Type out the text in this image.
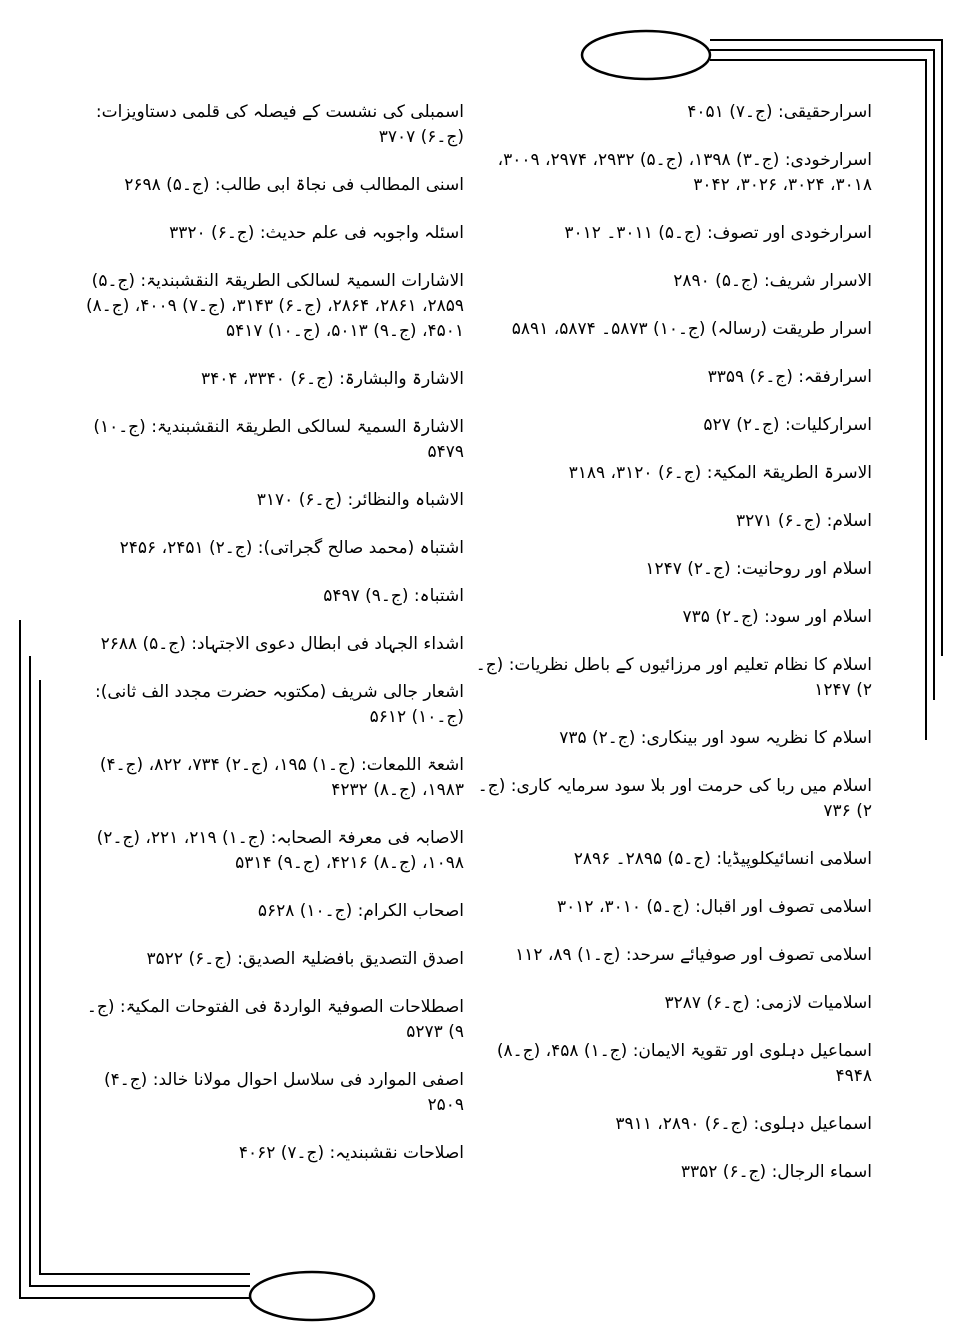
اسرارحقیقی: (ج۔۷) ۴۰۵۱
اسرارخودی: (ج۔۳) ۱۳۹۸، (ج۔۵) ۲۹۳۲، ۲۹۷۴، ۳۰۰۹، ۳۰۱۸، ۳۰۲۴، ۳۰۲۶، ۳۰۴۲
اسرارخودی اور تصوف: (ج۔۵) ۳۰۱۱۔ ۳۰۱۲
الاسرار شریف: (ج۔۵) ۲۸۹۰
اسرار طریقت (رسالہ) (ج۔۱۰) ۵۸۷۳۔ ۵۸۷۴، ۵۸۹۱
اسرارفقہ: (ج۔۶) ۳۳۵۹
اسرارکلیات: (ج۔۲) ۵۲۷
الاسرۃ الطریقۃ المکیۃ: (ج۔۶) ۳۱۲۰، ۳۱۸۹
اسلام: (ج۔۶) ۳۲۷۱
اسلام اور روحانیت: (ج۔۲) ۱۲۴۷
اسلام اور سود: (ج۔۲) ۷۳۵
اسلام کا نظام تعلیم اور مرزائیوں کے باطل نظریات: (ج۔۲) ۱۲۴۷
اسلام کا نظریہ سود اور بینکاری: (ج۔۲) ۷۳۵
اسلام میں ربا کی حرمت اور بلا سود سرمایہ کاری: (ج۔۲) ۷۳۶
اسلامی انسائیکلوپیڈیا: (ج۔۵) ۲۸۹۵۔ ۲۸۹۶
اسلامی تصوف اور اقبال: (ج۔۵) ۳۰۱۰، ۳۰۱۲
اسلامی تصوف اور صوفیائے سرحد: (ج۔۱) ۸۹، ۱۱۲
اسلامیات لازمی: (ج۔۶) ۳۲۸۷
اسماعیل دہلوی اور تقویۃ الایمان: (ج۔۱) ۴۵۸، (ج۔۸) ۴۹۴۸
اسماعیل دہلوی: (ج۔۶) ۲۸۹۰، ۳۹۱۱
اسماء الرجال: (ج۔۶) ۳۳۵۲
اسمبلی کی نشست کے فیصلہ کی قلمی دستاویزات: (ج۔۶) ۳۷۰۷
اسنی المطالب فی نجاۃ ابی طالب: (ج۔۵) ۲۶۹۸
اسئلہ واجوبہ فی علم حدیث: (ج۔۶) ۳۳۲۰
الاشارات السمیۃ لسالکی الطریقۃ النقشبندیۃ: (ج۔۵) ۲۸۵۹، ۲۸۶۱، ۲۸۶۴، (ج۔۶) ۳۱۴۳، (ج۔۷) ۴۰۰۹، (ج۔۸) ۴۵۰۱، (ج۔۹) ۵۰۱۳، (ج۔۱۰) ۵۴۱۷
الاشارۃ والبشارۃ: (ج۔۶) ۳۳۴۰، ۳۴۰۴
الاشارۃ السمیۃ لسالکی الطریقۃ النقشبندیۃ: (ج۔۱۰) ۵۴۷۹
الاشباہ والنظائر: (ج۔۶) ۳۱۷۰
اشتباہ (محمد صالح گجراتی): (ج۔۲) ۲۴۵۱، ۲۴۵۶
اشتباہ: (ج۔۹) ۵۴۹۷
اشداء الجہاد فی ابطال دعوی الاجتہاد: (ج۔۵) ۲۶۸۸
اشعار جالی شریف (مکتوبہ حضرت مجدد الف ثانی): (ج۔۱۰) ۵۶۱۲
اشعۃ اللمعات: (ج۔۱) ۱۹۵، (ج۔۲) ۷۳۴، ۸۲۲، (ج۔۴) ۱۹۸۳، (ج۔۸) ۴۲۳۲
الاصابہ فی معرفۃ الصحابہ: (ج۔۱) ۲۱۹، ۲۲۱، (ج۔۲) ۱۰۹۸، (ج۔۸) ۴۲۱۶، (ج۔۹) ۵۳۱۴
اصحاب الکرام: (ج۔۱۰) ۵۶۲۸
اصدق التصدیق بافضلیۃ الصدیق: (ج۔۶) ۳۵۲۲
اصطلاحات الصوفیۃ الواردۃ فی الفتوحات المکیۃ: (ج۔۹) ۵۲۷۳
اصفی الموارد فی سلاسل احوال مولانا خالد: (ج۔۴) ۲۵۰۹
اصلاحات نقشبندیہ: (ج۔۷) ۴۰۶۲
